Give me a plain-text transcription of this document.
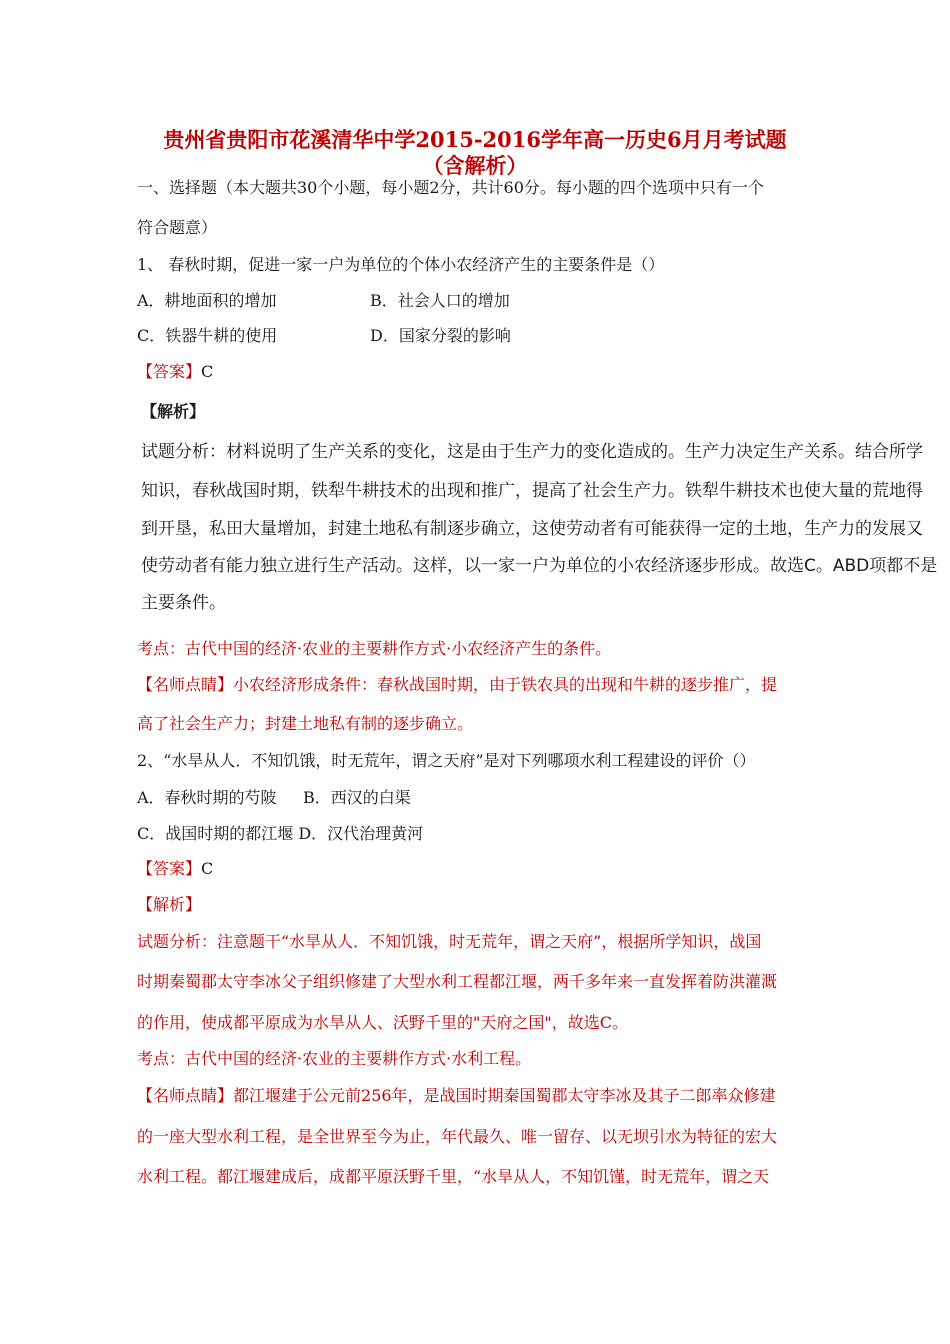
贵州省贵阳市花溪清华中学2015-2016学年高一历史6月月考试题
（含解析）
一、选择题（本大题共30个小题，每小题2分，共计60分。每小题的四个选项中只有一个
符合题意）
1、 春秋时期，促进一家一户为单位的个体小农经济产生的主要条件是（）
A．耕地面积的增加	B．社会人口的增加
C．铁器牛耕的使用	D．国家分裂的影响
【答案】C
【解析】
试题分析：材料说明了生产关系的变化，这是由于生产力的变化造成的。生产力决定生产关系。结合所学
知识，春秋战国时期，铁犁牛耕技术的出现和推广，提高了社会生产力。铁犁牛耕技术也使大量的荒地得
到开垦，私田大量增加，封建土地私有制逐步确立，这使劳动者有可能获得一定的土地，生产力的发展又
使劳动者有能力独立进行生产活动。这样，以一家一户为单位的小农经济逐步形成。故选C。ABD项都不是
主要条件。
考点：古代中国的经济·农业的主要耕作方式·小农经济产生的条件。
【名师点睛】小农经济形成条件：春秋战国时期，由于铁农具的出现和牛耕的逐步推广，提
高了社会生产力；封建土地私有制的逐步确立。
2、“水旱从人．不知饥饿，时无荒年，谓之天府”是对下列哪项水利工程建设的评价（）
A．春秋时期的芍陂 B．西汉的白渠
C．战国时期的都江堰 D．汉代治理黄河
【答案】C
【解析】
试题分析：注意题干“水旱从人．不知饥饿，时无荒年，谓之天府”，根据所学知识，战国
时期秦蜀郡太守李冰父子组织修建了大型水利工程都江堰，两千多年来一直发挥着防洪灌溉
的作用，使成都平原成为水旱从人、沃野千里的"天府之国"，故选C。
考点：古代中国的经济·农业的主要耕作方式·水利工程。
【名师点睛】都江堰建于公元前256年，是战国时期秦国蜀郡太守李冰及其子二郎率众修建
的一座大型水利工程，是全世界至今为止，年代最久、唯一留存、以无坝引水为特征的宏大
水利工程。都江堰建成后，成都平原沃野千里，“水旱从人，不知饥馑，时无荒年，谓之天
